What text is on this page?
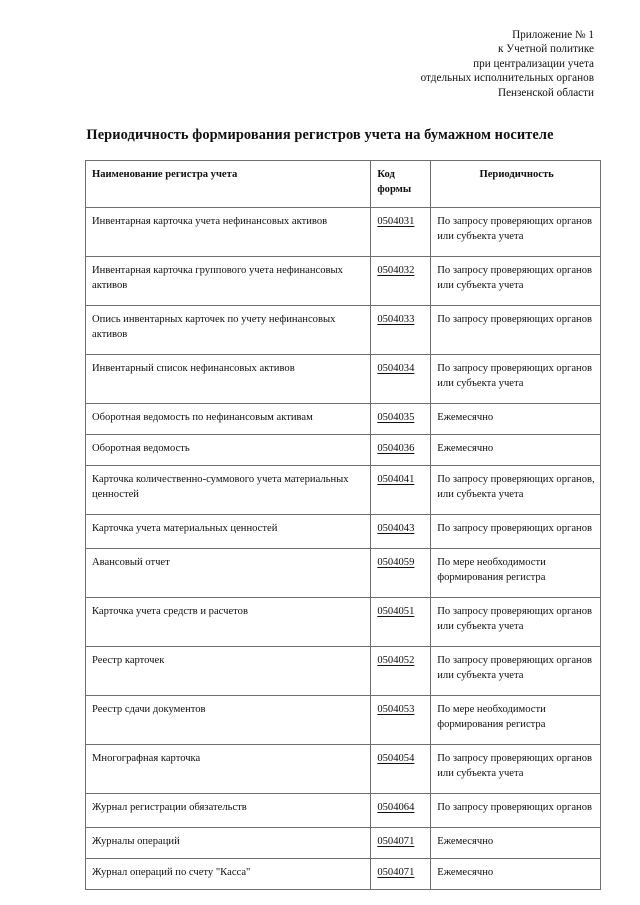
Приложение № 1
к Учетной политике
при централизации учета
отдельных исполнительных органов
Пензенской области
Периодичность формирования регистров учета на бумажном носителе
Наименование регистра учета	Код формы	Периодичность
Инвентарная карточка учета нефинансовых активов	0504031	По запросу проверяющих органов или субъекта учета
Инвентарная карточка группового учета нефинансовых активов	0504032	По запросу проверяющих органов или субъекта учета
Опись инвентарных карточек по учету нефинансовых активов	0504033	По запросу проверяющих органов
Инвентарный список нефинансовых активов	0504034	По запросу проверяющих органов или субъекта учета
Оборотная ведомость по нефинансовым активам	0504035	Ежемесячно
Оборотная ведомость	0504036	Ежемесячно
Карточка количественно-суммового учета материальных ценностей	0504041	По запросу проверяющих органов, или субъекта учета
Карточка учета материальных ценностей	0504043	По запросу проверяющих органов
Авансовый отчет	0504059	По мере необходимости формирования регистра
Карточка учета средств и расчетов	0504051	По запросу проверяющих органов или субъекта учета
Реестр карточек	0504052	По запросу проверяющих органов или субъекта учета
Реестр сдачи документов	0504053	По мере необходимости формирования регистра
Многографная карточка	0504054	По запросу проверяющих органов или субъекта учета
Журнал регистрации обязательств	0504064	По запросу проверяющих органов
Журналы операций	0504071	Ежемесячно
Журнал операций по счету "Касса"	0504071	Ежемесячно
